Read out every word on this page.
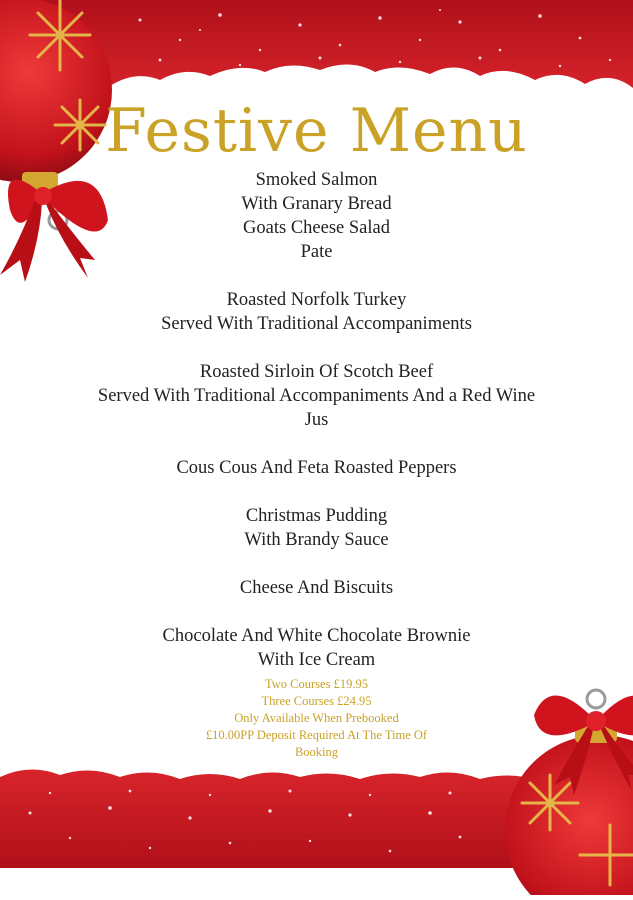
Festive Menu

Smoked Salmon

With Granary Bread

Goats Cheese Salad

Pate

Roasted Norfolk Turkey

Served With Traditional Accompaniments

Roasted Sirloin Of Scotch Beef

Served With Traditional Accompaniments And a Red Wine

Jus

Cous Cous And Feta Roasted Peppers

Christmas Pudding

With Brandy Sauce

Cheese And Biscuits

Chocolate And White Chocolate Brownie

With Ice Cream

Two Courses £19.95

Three Courses £24.95

Only Available When Prebooked

£10.00PP Deposit Required At The Time Of

Booking
